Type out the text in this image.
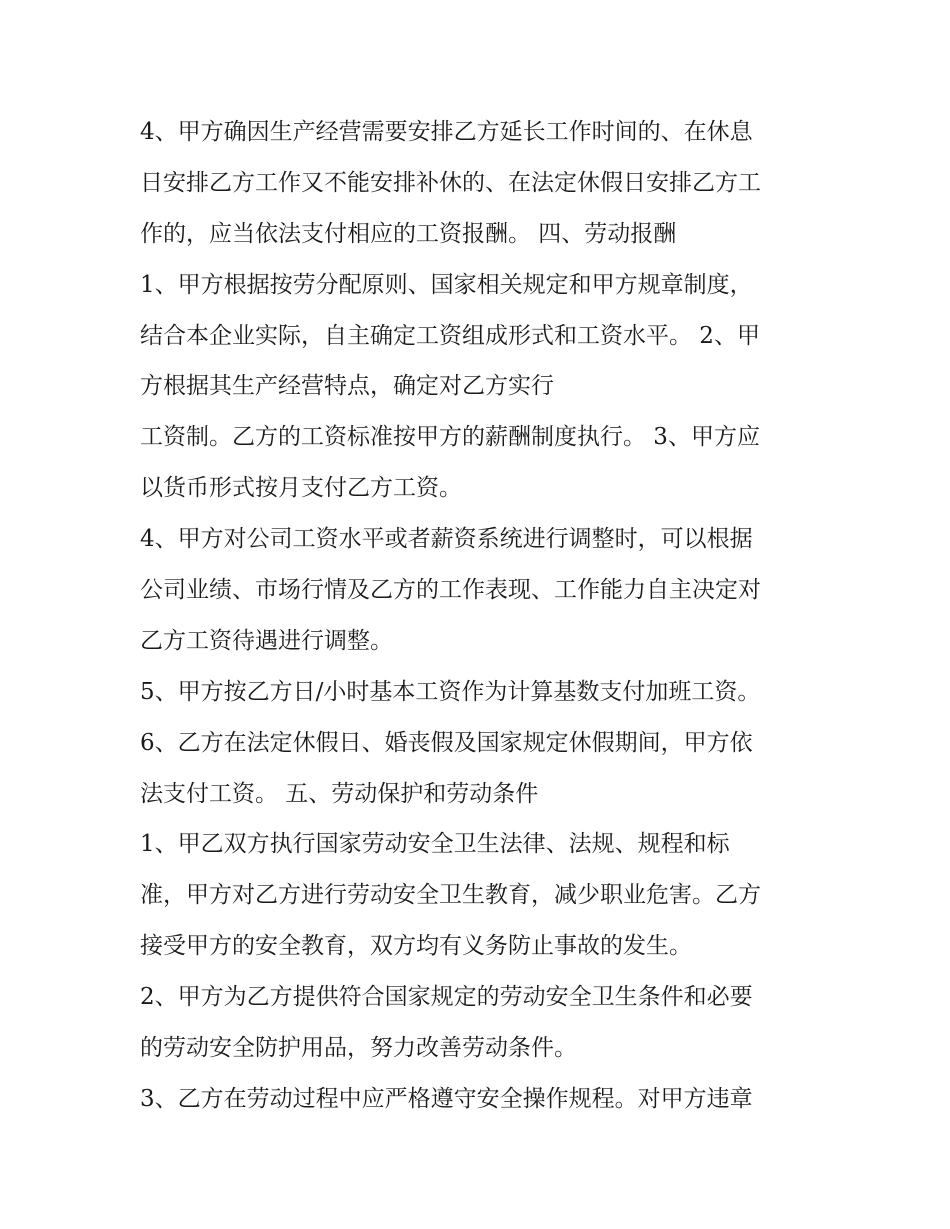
4、甲方确因生产经营需要安排乙方延长工作时间的、在休息
日安排乙方工作又不能安排补休的、在法定休假日安排乙方工
作的，应当依法支付相应的工资报酬。 四、劳动报酬
1、甲方根据按劳分配原则、国家相关规定和甲方规章制度，
结合本企业实际，自主确定工资组成形式和工资水平。 2、甲
方根据其生产经营特点，确定对乙方实行
工资制。乙方的工资标准按甲方的薪酬制度执行。 3、甲方应
以货币形式按月支付乙方工资。
4、甲方对公司工资水平或者薪资系统进行调整时，可以根据
公司业绩、市场行情及乙方的工作表现、工作能力自主决定对
乙方工资待遇进行调整。
5、甲方按乙方日/小时基本工资作为计算基数支付加班工资。
6、乙方在法定休假日、婚丧假及国家规定休假期间，甲方依
法支付工资。 五、劳动保护和劳动条件
1、甲乙双方执行国家劳动安全卫生法律、法规、规程和标
准，甲方对乙方进行劳动安全卫生教育，减少职业危害。乙方
接受甲方的安全教育，双方均有义务防止事故的发生。
2、甲方为乙方提供符合国家规定的劳动安全卫生条件和必要
的劳动安全防护用品，努力改善劳动条件。
3、乙方在劳动过程中应严格遵守安全操作规程。对甲方违章
